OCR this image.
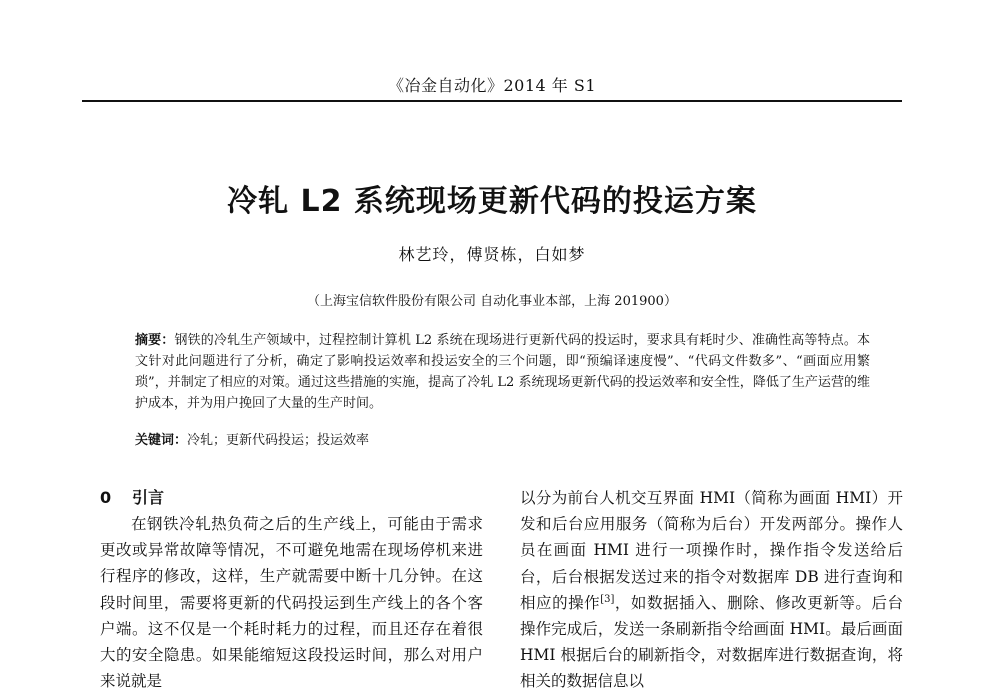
《冶金自动化》2014 年 S1
冷轧 L2 系统现场更新代码的投运方案
林艺玲，傅贤栋，白如梦
（上海宝信软件股份有限公司 自动化事业本部，上海 201900）
摘要：钢铁的冷轧生产领域中，过程控制计算机 L2 系统在现场进行更新代码的投运时，要求具有耗时少、准确性高等特点。本文针对此问题进行了分析，确定了影响投运效率和投运安全的三个问题，即“预编译速度慢”、“代码文件数多”、“画面应用繁琐”，并制定了相应的对策。通过这些措施的实施，提高了冷轧 L2 系统现场更新代码的投运效率和安全性，降低了生产运营的维护成本，并为用户挽回了大量的生产时间。
关键词：冷轧；更新代码投运；投运效率

0 引言

在钢铁冷轧热负荷之后的生产线上，可能由于需求更改或异常故障等情况，不可避免地需在现场停机来进行程序的修改，这样，生产就需要中断十几分钟。在这段时间里，需要将更新的代码投运到生产线上的各个客户端。这不仅是一个耗时耗力的过程，而且还存在着很大的安全隐患。如果能缩短这段投运时间，那么对用户来说就是

以分为前台人机交互界面 HMI（简称为画面 HMI）开发和后台应用服务（简称为后台）开发两部分。操作人员在画面 HMI 进行一项操作时，操作指令发送给后台，后台根据发送过来的指令对数据库 DB 进行查询和相应的操作[3]，如数据插入、删除、修改更新等。后台操作完成后，发送一条刷新指令给画面 HMI。最后画面 HMI 根据后台的刷新指令，对数据库进行数据查询，将相关的数据信息以
